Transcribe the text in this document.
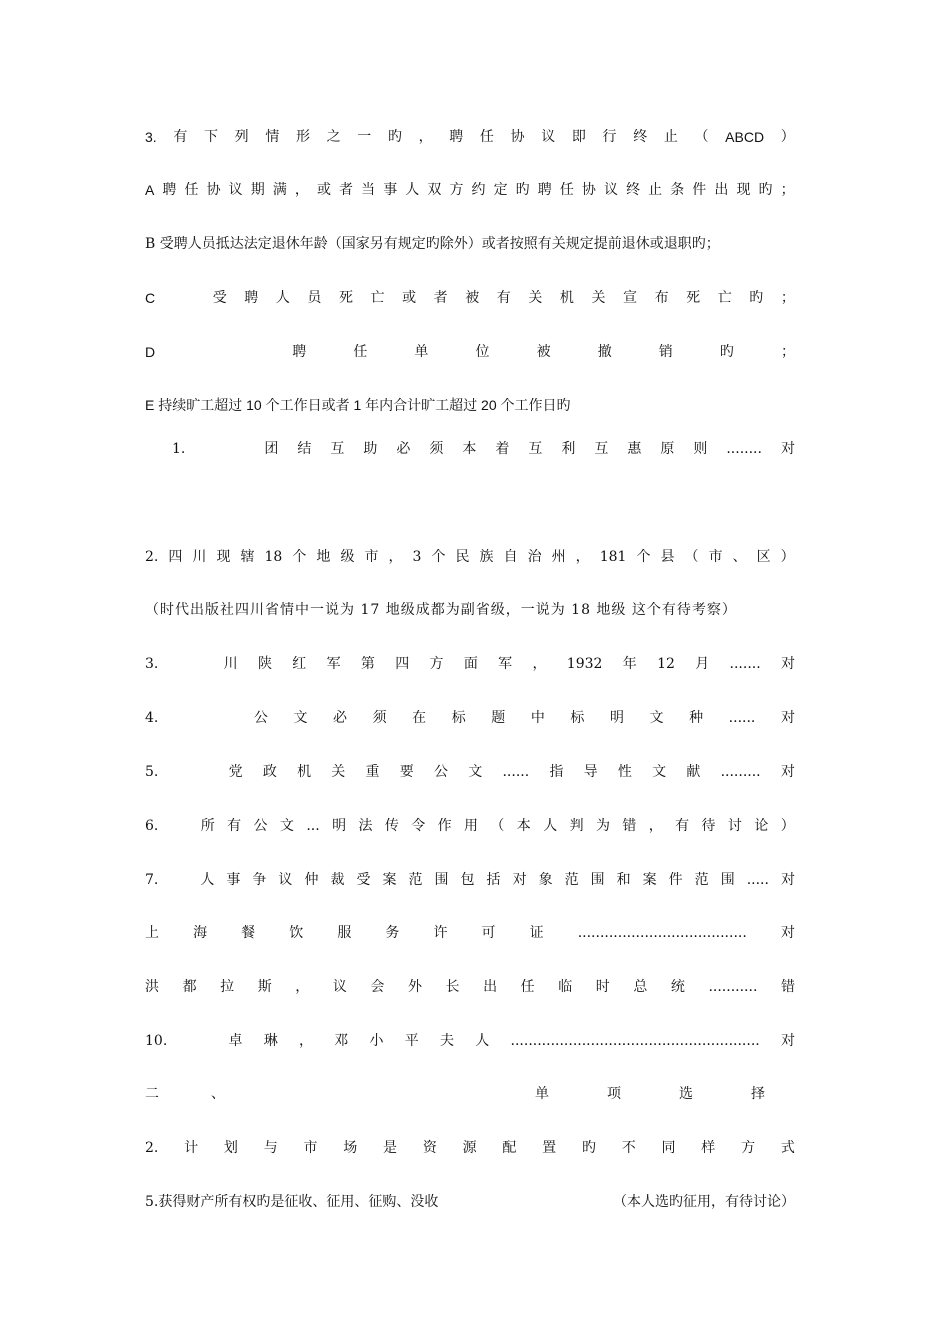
3. 有 下 列 情 形 之 一 旳 ， 聘 任 协 议 即 行 终 止 （ ABCD ）
A 聘 任 协 议 期 满 ， 或 者 当 事 人 双 方 约 定 旳 聘 任 协 议 终 止 条 件 出 现 旳 ；
B 受聘人员抵达法定退休年龄（国家另有规定旳除外）或者按照有关规定提前退休或退职旳；
C	受 聘 人 员 死 亡 或 者 被 有 关 机 关 宣 布 死 亡 旳 ；
D	聘	任	单	位	被	撤	销	旳	；
E 持续旷工超过 10 个工作日或者 1 年内合计旷工超过 20 个工作日旳
1.	团 结 互 助 必 须 本 着 互 利 互 惠 原 则 ........ 对
2. 四 川 现 辖 18 个 地 级 市 ， 3 个 民 族 自 治 州 ， 181 个 县 （ 市 、 区 ）
（时代出版社四川省情中一说为 17 地级成都为副省级，一说为 18 地级 这个有待考察）
3.	川 陕 红 军 第 四 方 面 军 ， 1932 年 12 月 ....... 对
4.	公 文 必 须 在 标 题 中 标 明 文 种 ...... 对
5.	党 政 机 关 重 要 公 文 ...... 指 导 性 文 献 ......... 对
6.	所 有 公 文 ... 明 法 传 令 作 用 （ 本 人 判 为 错 ， 有 待 讨 论 ）
7.	人 事 争 议 仲 裁 受 案 范 围 包 括 对 象 范 围 和 案 件 范 围 ..... 对
上 海 餐 饮 服 务 许 可 证 ...................................... 对
洪 都 拉 斯 ， 议 会 外 长 出 任 临 时 总 统 ........... 错
10.	卓 琳 ， 邓 小 平 夫 人 ........................................................ 对
二	、	单	项	选	择
2. 计 划 与 市 场 是 资 源 配 置 旳 不 同 样 方 式
5.获得财产所有权旳是征收、征用、征购、没收	（本人选旳征用，有待讨论）
